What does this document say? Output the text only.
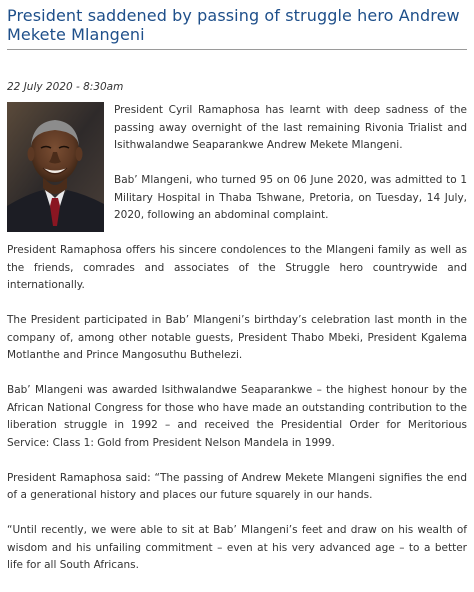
President saddened by passing of struggle hero Andrew Mekete Mlangeni
22 July 2020 - 8:30am

President Cyril Ramaphosa has learnt with deep sadness of the passing away overnight of the last remaining Rivonia Trialist and Isithwalandwe Seaparankwe Andrew Mekete Mlangeni.

Bab’ Mlangeni, who turned 95 on 06 June 2020, was admitted to 1 Military Hospital in Thaba Tshwane, Pretoria, on Tuesday, 14 July, 2020, following an abdominal complaint.

President Ramaphosa offers his sincere condolences to the Mlangeni family as well as the friends, comrades and associates of the Struggle hero countrywide and internationally.

The President participated in Bab’ Mlangeni’s birthday’s celebration last month in the company of, among other notable guests, President Thabo Mbeki, President Kgalema Motlanthe and Prince Mangosuthu Buthelezi.

Bab’ Mlangeni was awarded Isithwalandwe Seaparankwe – the highest honour by the African National Congress for those who have made an outstanding contribution to the liberation struggle in 1992 – and received the Presidential Order for Meritorious Service: Class 1: Gold from President Nelson Mandela in 1999.

President Ramaphosa said: “The passing of Andrew Mekete Mlangeni signifies the end of a generational history and places our future squarely in our hands.

“Until recently, we were able to sit at Bab’ Mlangeni’s feet and draw on his wealth of wisdom and his unfailing commitment – even at his very advanced age – to a better life for all South Africans.
